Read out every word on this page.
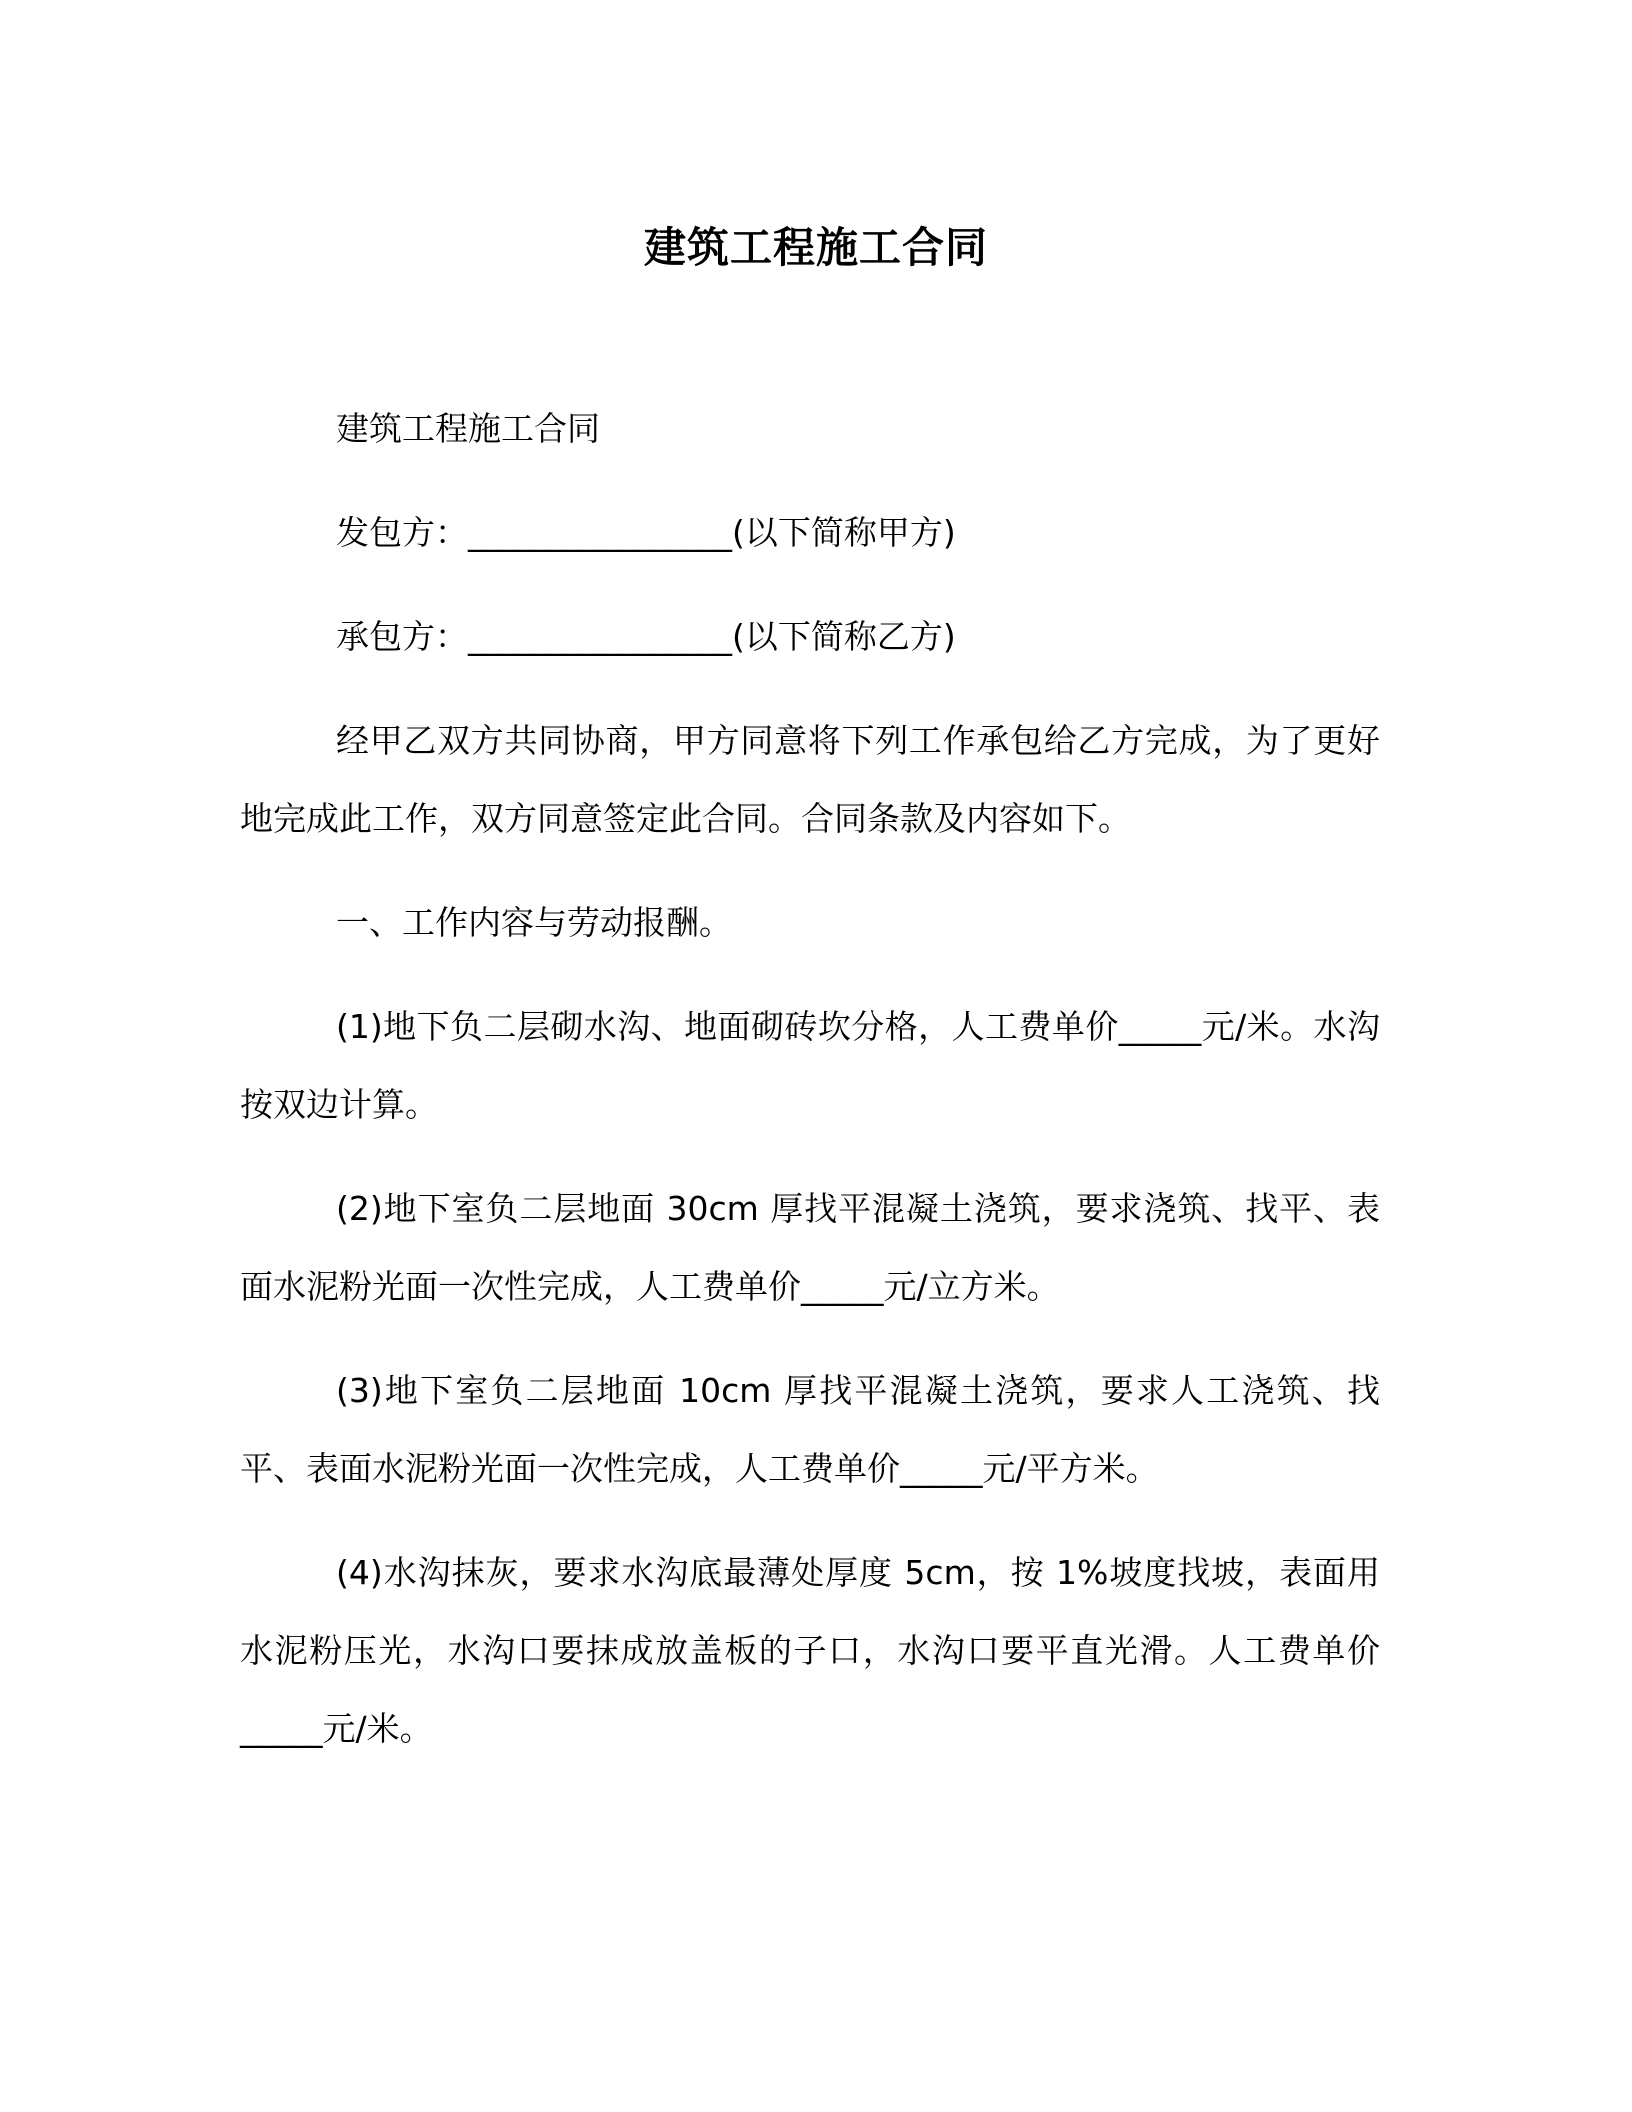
建筑工程施工合同

建筑工程施工合同

发包方：________________(以下简称甲方)

承包方：________________(以下简称乙方)

经甲乙双方共同协商，甲方同意将下列工作承包给乙方完成，为了更好地完成此工作，双方同意签定此合同。合同条款及内容如下。

一、工作内容与劳动报酬。

(1)地下负二层砌水沟、地面砌砖坎分格，人工费单价_____元/米。水沟按双边计算。

(2)地下室负二层地面 30cm 厚找平混凝土浇筑，要求浇筑、找平、表面水泥粉光面一次性完成，人工费单价_____元/立方米。

(3)地下室负二层地面 10cm 厚找平混凝土浇筑，要求人工浇筑、找平、表面水泥粉光面一次性完成，人工费单价_____元/平方米。

(4)水沟抹灰，要求水沟底最薄处厚度 5cm，按 1%坡度找坡，表面用水泥粉压光，水沟口要抹成放盖板的子口，水沟口要平直光滑。人工费单价_____元/米。
